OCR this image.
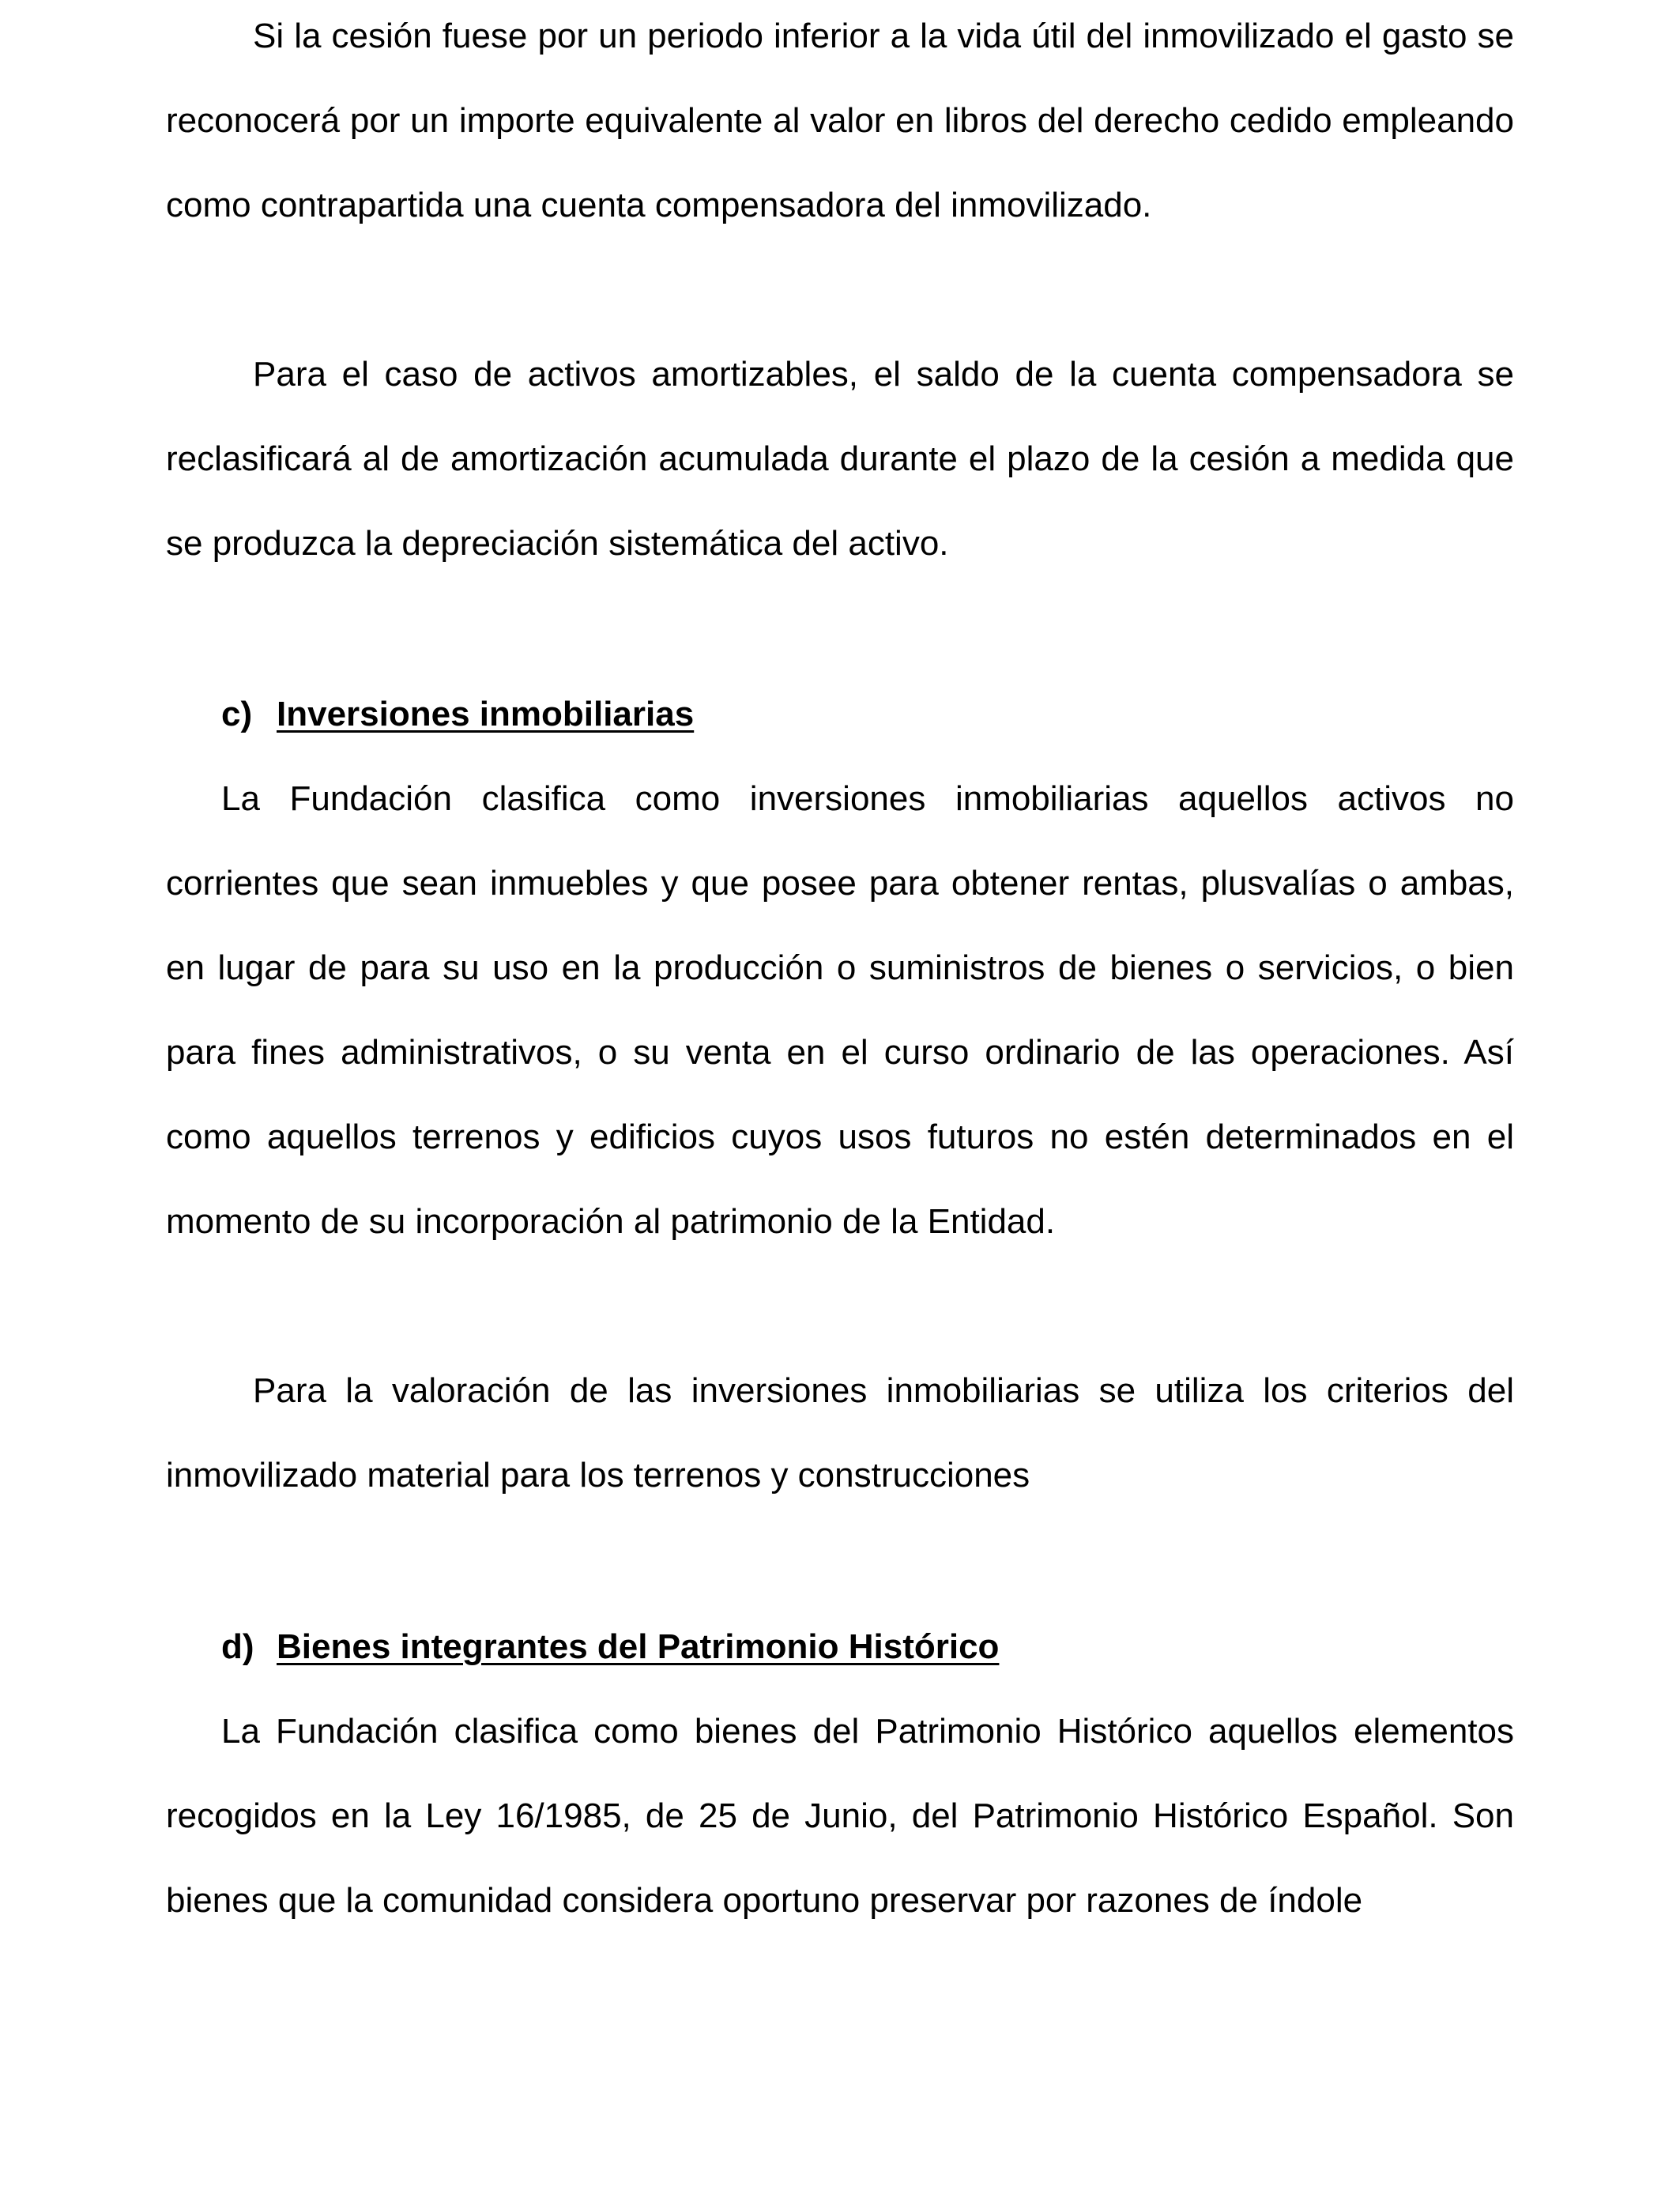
Si la cesión fuese por un periodo inferior a la vida útil del inmovilizado el gasto se reconocerá por un importe equivalente al valor en libros del derecho cedido empleando como contrapartida una cuenta compensadora del inmovilizado.

Para el caso de activos amortizables, el saldo de la cuenta compensadora se reclasificará al de amortización acumulada durante el plazo de la cesión a medida que se produzca la depreciación sistemática del activo.

c) Inversiones inmobiliarias

La Fundación clasifica como inversiones inmobiliarias aquellos activos no corrientes que sean inmuebles y que posee para obtener rentas, plusvalías o ambas, en lugar de para su uso en la producción o suministros de bienes o servicios, o bien para fines administrativos, o su venta en el curso ordinario de las operaciones. Así como aquellos terrenos y edificios cuyos usos futuros no estén determinados en el momento de su incorporación al patrimonio de la Entidad.

Para la valoración de las inversiones inmobiliarias se utiliza los criterios del inmovilizado material para los terrenos y construcciones

d) Bienes integrantes del Patrimonio Histórico

La Fundación clasifica como bienes del Patrimonio Histórico aquellos elementos recogidos en la Ley 16/1985, de 25 de Junio, del Patrimonio Histórico Español. Son bienes que la comunidad considera oportuno preservar por razones de índole
